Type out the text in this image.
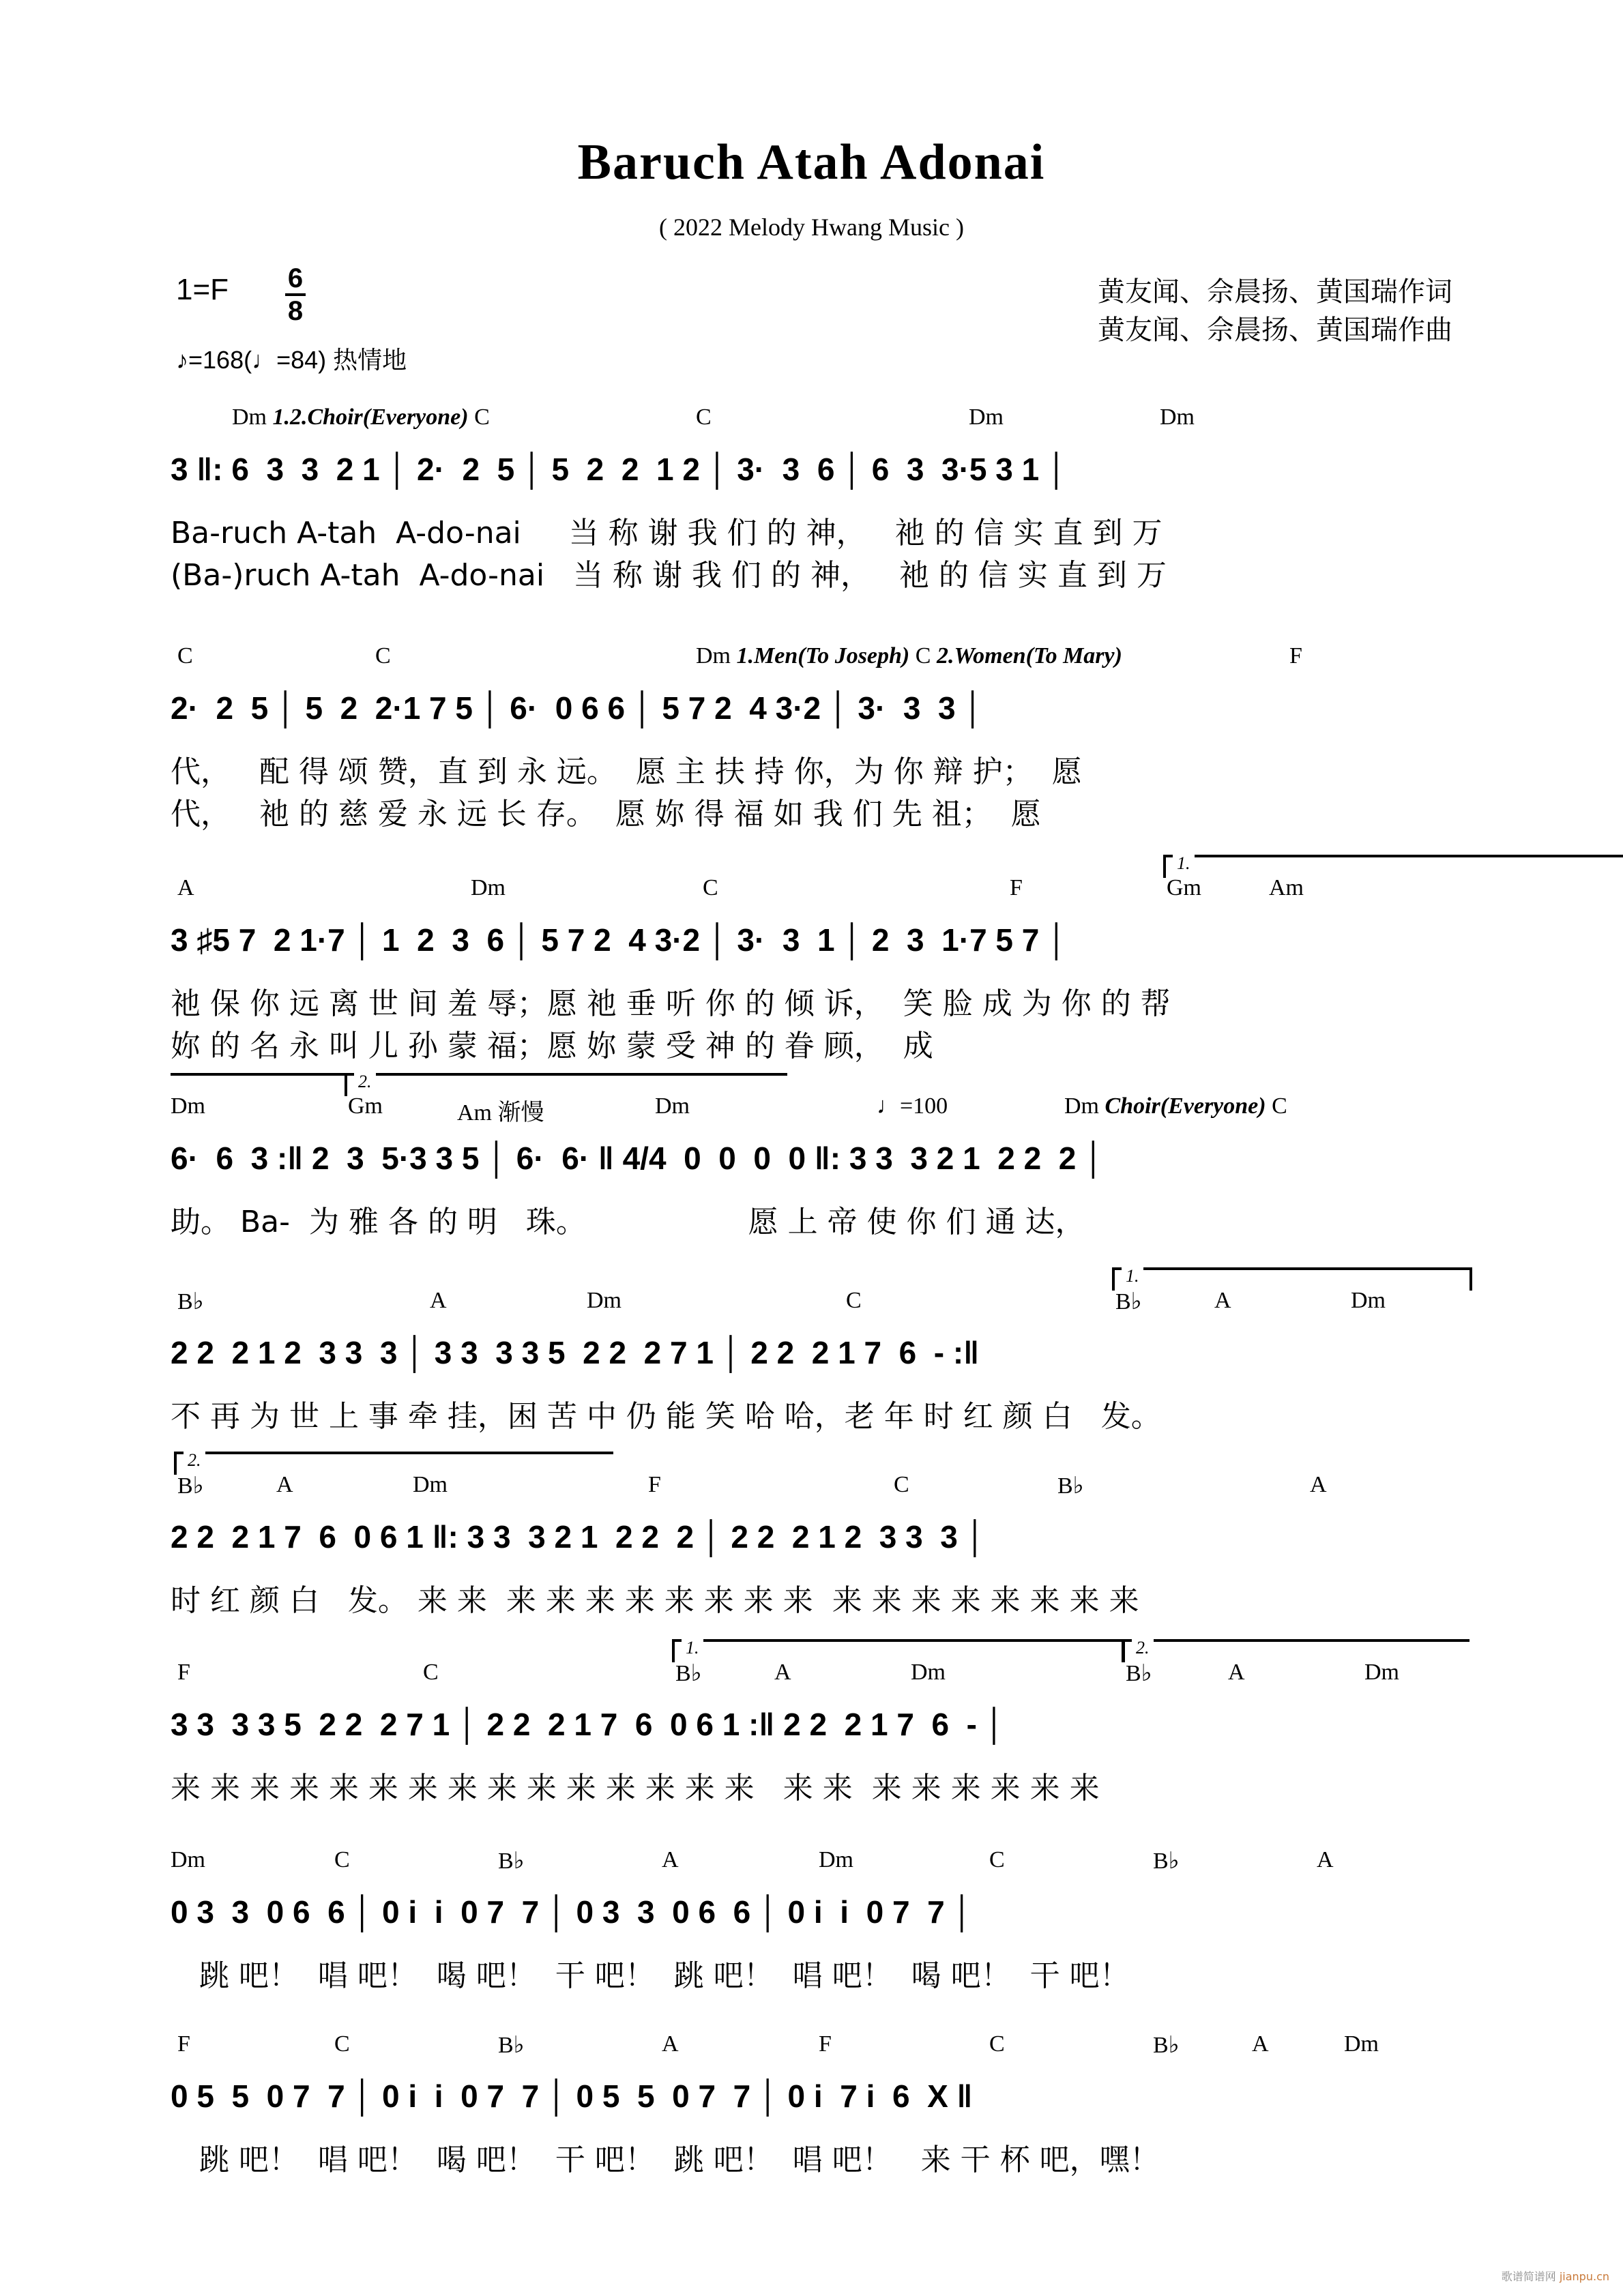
Baruch Atah Adonai
( 2022 Melody Hwang Music )
1=F 6
8
♪=168(♩=84) 热情地
黄友闻、佘晨扬、黄国瑞作词
黄友闻、佘晨扬、黄国瑞作曲
Dm 1.2.Choir(Everyone) C	C	Dm	Dm
3 ‖: 6  3  3  2 1 │ 2·  2  5 │ 5  2  2  1 2 │ 3·  3  6 │ 6  3  3·5 3 1 │
Ba-ruch A-tah  A-do-nai     当 称 谢 我 们 的 神，   祂 的 信 实 直 到 万
(Ba-)ruch A-tah  A-do-nai   当 称 谢 我 们 的 神，   祂 的 信 实 直 到 万
C	C	Dm 1.Men(To Joseph) C 2.Women(To Mary)	F
2·  2  5 │ 5  2  2·1 7 5 │ 6·  0 6 6 │ 5 7 2  4 3·2 │ 3·  3  3 │
代，   配 得 颂 赞，直 到 永 远。  愿 主 扶 持 你，为 你 辩 护；  愿
代，   祂 的 慈 爱 永 远 长 存。  愿 妳 得 福 如 我 们 先 祖；  愿
1.
A	Dm	C	F	Gm	Am
3 ♯5 7  2 1·7 │ 1  2  3  6 │ 5 7 2  4 3·2 │ 3·  3  1 │ 2  3  1·7 5 7 │
祂 保 你 远 离 世 间 羞 辱；愿 祂 垂 听 你 的 倾 诉，  笑 脸 成 为 你 的 帮
妳 的 名 永 叫 儿 孙 蒙 福；愿 妳 蒙 受 神 的 眷 顾，  成
2.
Dm	Gm	Am 渐慢	Dm	♩=100	Dm Choir(Everyone) C
6·  6  3 :‖ 2  3  5·3 3 5 │ 6·  6· ‖ 4/4  0  0  0  0 ‖: 3 3  3 2 1  2 2  2 │
助。 Ba-  为 雅 各 的 明   珠。                 愿 上 帝 使 你 们 通 达，
1.
B♭	A	Dm	C	B♭	A	Dm
2 2  2 1 2  3 3  3 │ 3 3  3 3 5  2 2  2 7 1 │ 2 2  2 1 7  6  - :‖
不 再 为 世 上 事 牵 挂，困 苦 中 仍 能 笑 哈 哈，老 年 时 红 颜 白   发。
2.
B♭	A	Dm	F	C	B♭	A
2 2  2 1 7  6  0 6 1 ‖: 3 3  3 2 1  2 2  2 │ 2 2  2 1 2  3 3  3 │
时 红 颜 白   发。 来 来  来 来 来 来 来 来 来 来  来 来 来 来 来 来 来 来
1.	2.
F	C	B♭	A	Dm	B♭	A	Dm
3 3  3 3 5  2 2  2 7 1 │ 2 2  2 1 7  6  0 6 1 :‖ 2 2  2 1 7  6  - │
来 来 来 来 来 来 来 来 来 来 来 来 来 来 来   来 来  来 来 来 来 来 来
Dm	C	B♭	A	Dm	C	B♭	A
0 3  3  0 6  6 │ 0 i  i  0 7  7 │ 0 3  3  0 6  6 │ 0 i  i  0 7  7 │
跳 吧！  唱 吧！  喝 吧！  干 吧！  跳 吧！  唱 吧！  喝 吧！  干 吧！
F	C	B♭	A	F	C	B♭	A	Dm
0 5  5  0 7  7 │ 0 i  i  0 7  7 │ 0 5  5  0 7  7 │ 0 i  7 i  6  X ‖
跳 吧！  唱 吧！  喝 吧！  干 吧！  跳 吧！  唱 吧！   来 干 杯 吧，嘿！
歌谱简谱网 jianpu.cn
